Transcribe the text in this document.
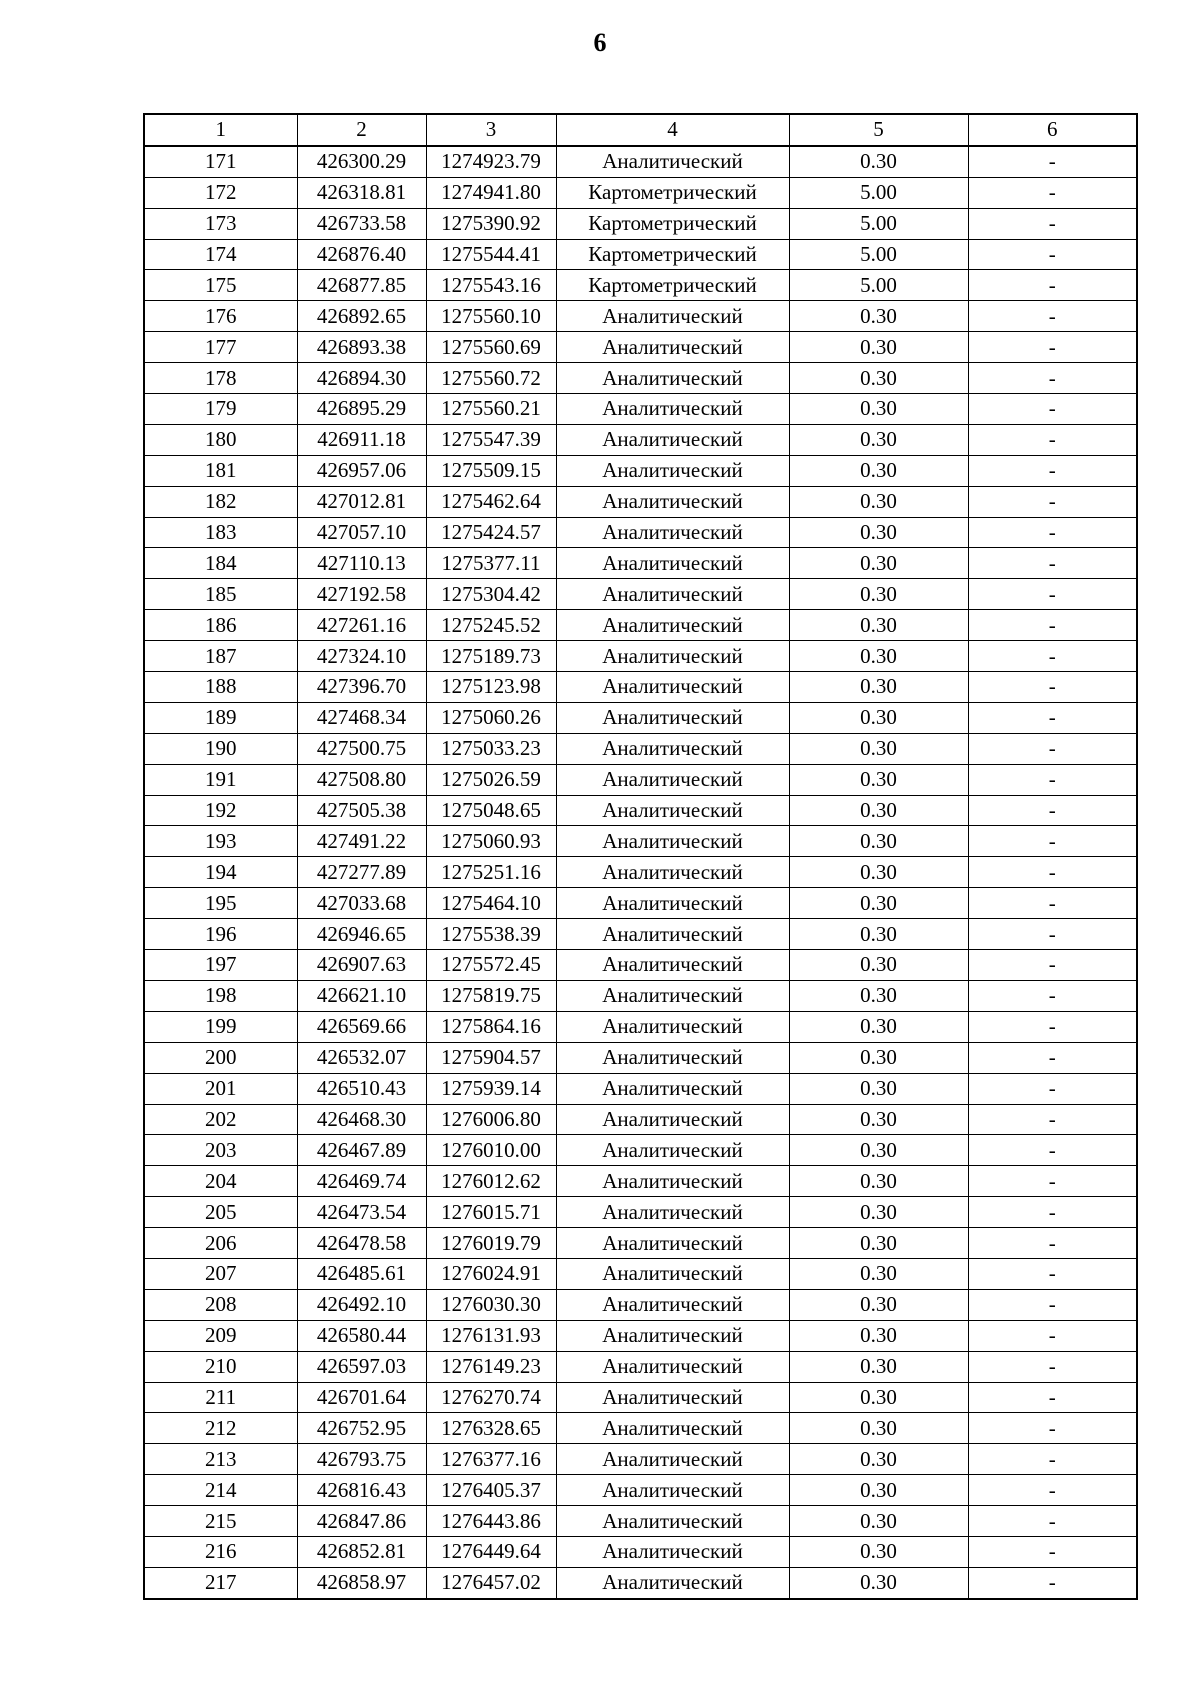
6
1	2	3	4	5	6
171	426300.29	1274923.79	Аналитический	0.30	-
172	426318.81	1274941.80	Картометрический	5.00	-
173	426733.58	1275390.92	Картометрический	5.00	-
174	426876.40	1275544.41	Картометрический	5.00	-
175	426877.85	1275543.16	Картометрический	5.00	-
176	426892.65	1275560.10	Аналитический	0.30	-
177	426893.38	1275560.69	Аналитический	0.30	-
178	426894.30	1275560.72	Аналитический	0.30	-
179	426895.29	1275560.21	Аналитический	0.30	-
180	426911.18	1275547.39	Аналитический	0.30	-
181	426957.06	1275509.15	Аналитический	0.30	-
182	427012.81	1275462.64	Аналитический	0.30	-
183	427057.10	1275424.57	Аналитический	0.30	-
184	427110.13	1275377.11	Аналитический	0.30	-
185	427192.58	1275304.42	Аналитический	0.30	-
186	427261.16	1275245.52	Аналитический	0.30	-
187	427324.10	1275189.73	Аналитический	0.30	-
188	427396.70	1275123.98	Аналитический	0.30	-
189	427468.34	1275060.26	Аналитический	0.30	-
190	427500.75	1275033.23	Аналитический	0.30	-
191	427508.80	1275026.59	Аналитический	0.30	-
192	427505.38	1275048.65	Аналитический	0.30	-
193	427491.22	1275060.93	Аналитический	0.30	-
194	427277.89	1275251.16	Аналитический	0.30	-
195	427033.68	1275464.10	Аналитический	0.30	-
196	426946.65	1275538.39	Аналитический	0.30	-
197	426907.63	1275572.45	Аналитический	0.30	-
198	426621.10	1275819.75	Аналитический	0.30	-
199	426569.66	1275864.16	Аналитический	0.30	-
200	426532.07	1275904.57	Аналитический	0.30	-
201	426510.43	1275939.14	Аналитический	0.30	-
202	426468.30	1276006.80	Аналитический	0.30	-
203	426467.89	1276010.00	Аналитический	0.30	-
204	426469.74	1276012.62	Аналитический	0.30	-
205	426473.54	1276015.71	Аналитический	0.30	-
206	426478.58	1276019.79	Аналитический	0.30	-
207	426485.61	1276024.91	Аналитический	0.30	-
208	426492.10	1276030.30	Аналитический	0.30	-
209	426580.44	1276131.93	Аналитический	0.30	-
210	426597.03	1276149.23	Аналитический	0.30	-
211	426701.64	1276270.74	Аналитический	0.30	-
212	426752.95	1276328.65	Аналитический	0.30	-
213	426793.75	1276377.16	Аналитический	0.30	-
214	426816.43	1276405.37	Аналитический	0.30	-
215	426847.86	1276443.86	Аналитический	0.30	-
216	426852.81	1276449.64	Аналитический	0.30	-
217	426858.97	1276457.02	Аналитический	0.30	-
